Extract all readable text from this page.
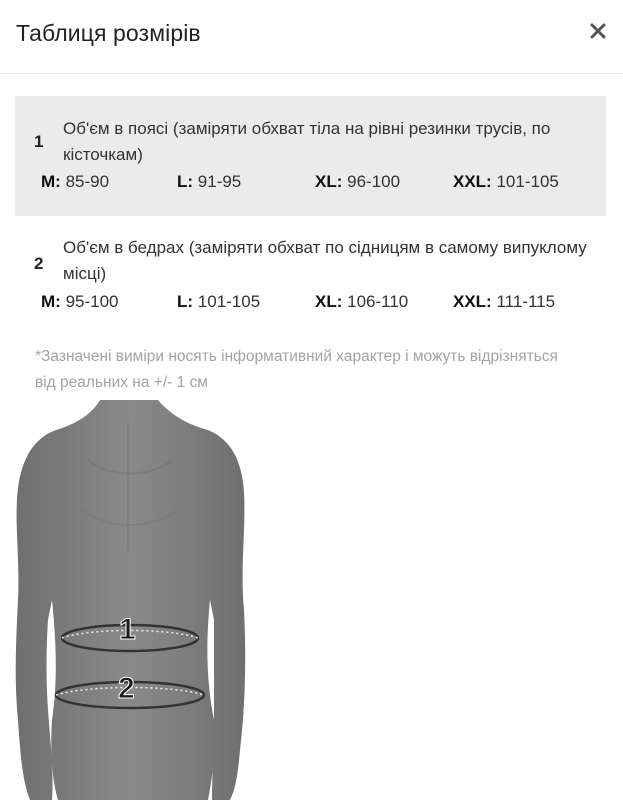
Таблиця розмірів
1
Об'єм в поясі (заміряти обхват тіла на рівні резинки трусів, по кісточкам)
M: 85-90	L: 91-95	XL: 96-100	XXL: 101-105
2
Об'єм в бедрах (заміряти обхват по сідницям в самому випуклому місці)
M: 95-100	L: 101-105	XL: 106-110	XXL: 111-115
*Зазначені виміри носять інформативний характер і можуть відрізняться від реальних на +/- 1 см
1
2
